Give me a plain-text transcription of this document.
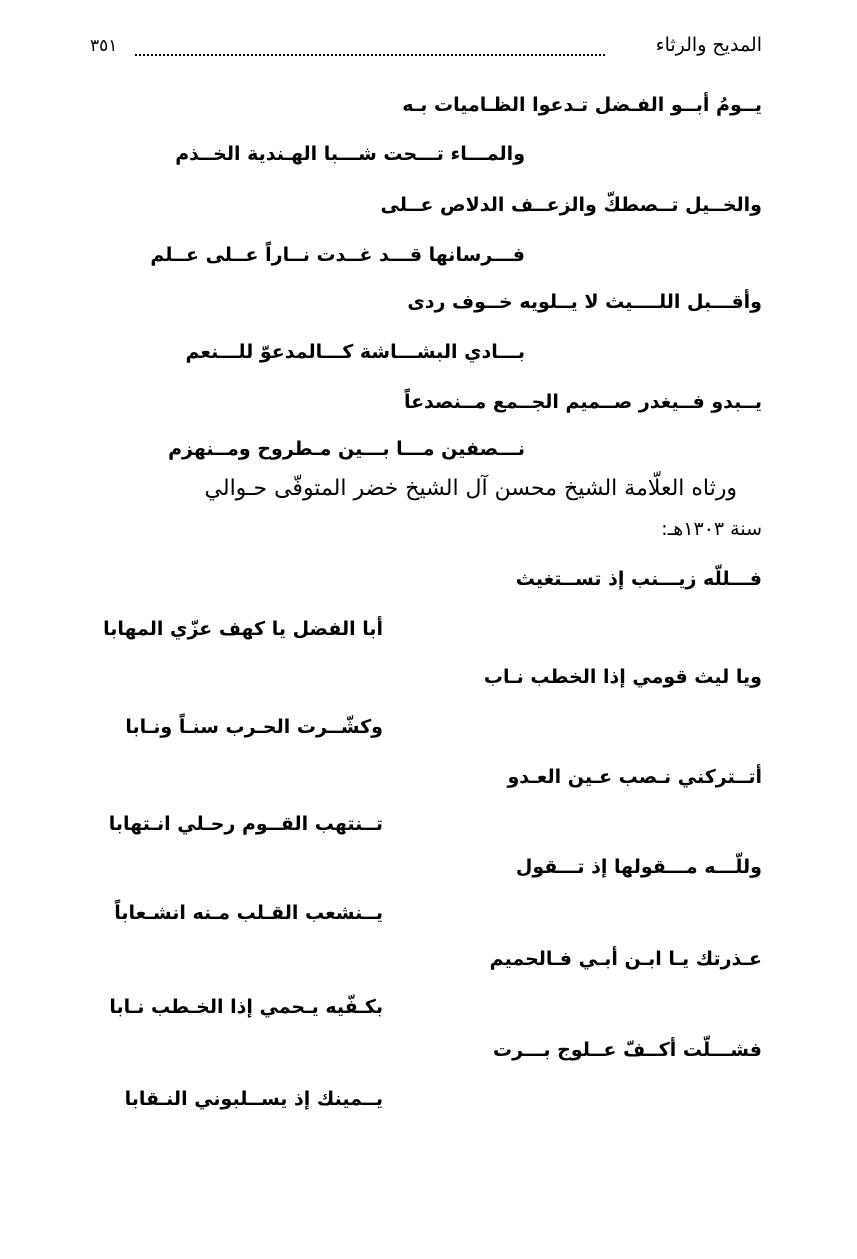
المديح والرثاء
٣٥١
يــومُ أبــو الفـضل تـدعوا الظـاميات بـه
والمـــاء تـــحت شـــبا الهـندية الخــذم
والخــيل تــصطكّ والزعــف الدلاص عــلى
فـــرسانها قـــد غــدت نــاراً عــلى عــلم
وأقـــبل اللــــيث لا يــلويه خــوف ردى
بـــادي البشـــاشة كـــالمدعوّ للـــنعم
يــبدو فــيغدر صــميم الجــمع مــنصدعاً
نـــصفين مـــا بـــين مـطروح ومــنهزم
ورثاه العلّامة الشيخ محسن آل الشيخ خضر المتوفّى حـوالي
سنة ١٣٠٣هـ:
فـــللّه زيـــنب إذ تســتغيث
أبا الفضل يا كهف عزّي المهابا
ويا ليث قومي إذا الخطب نـاب
وكشّــرت الحـرب سنـاً ونـابا
أتــتركني نـصب عـين العـدو
تــنتهب القــوم رحـلي انـتهابا
وللّـــه مـــقولها إذ تـــقول
يــنشعب القـلب مـنه انشـعاباً
عـذرتك يـا ابـن أبـي فـالحميم
بكـفّيه يـحمي إذا الخـطب نـابا
فشـــلّت أكــفّ عــلوج بـــرت
يــمينك إذ يســلبوني النـقابا
